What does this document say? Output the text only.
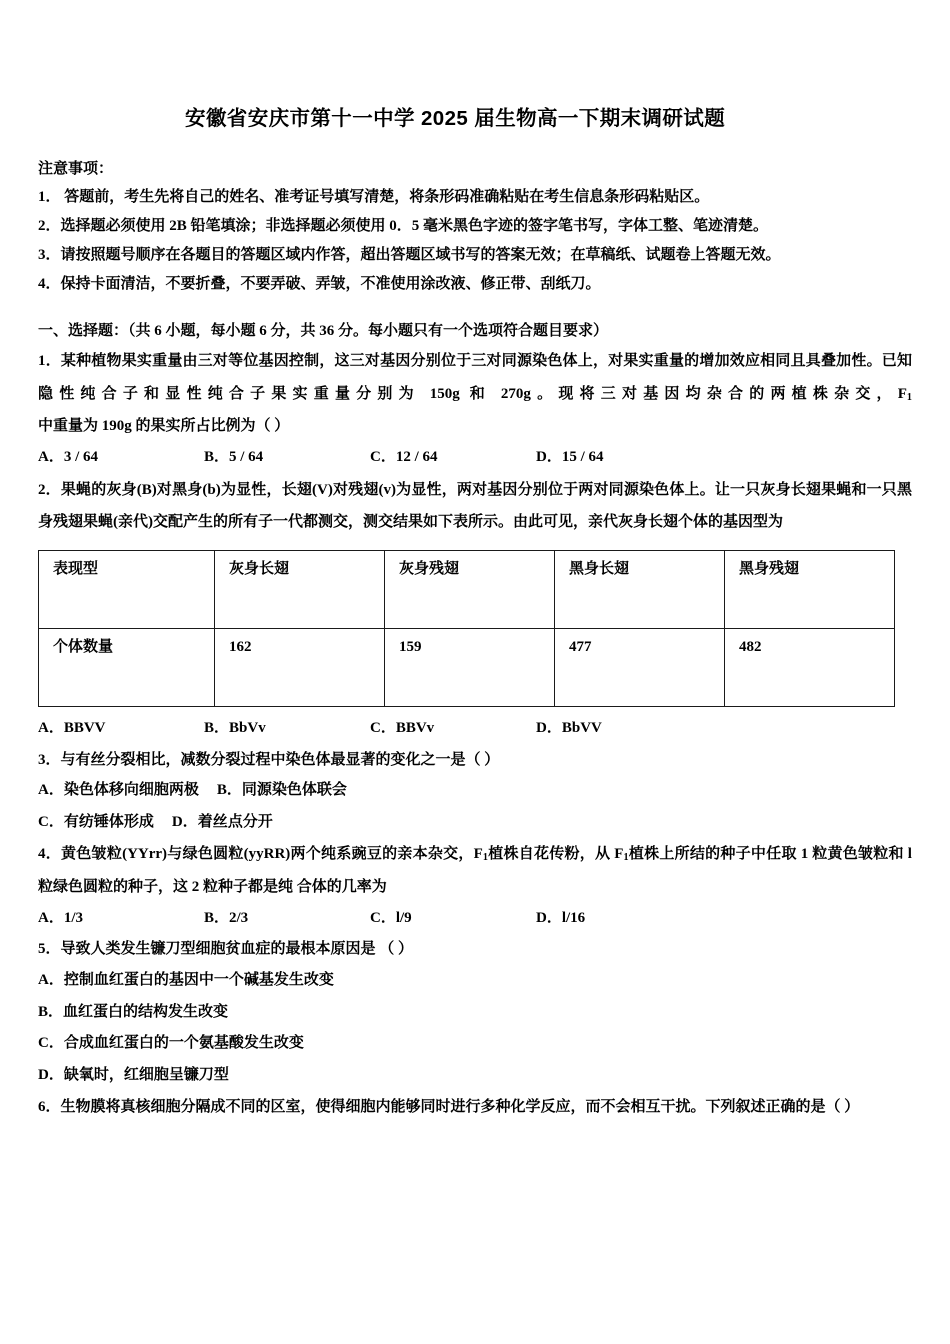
安徽省安庆市第十一中学 2025 届生物高一下期末调研试题

注意事项：

1． 答题前，考生先将自己的姓名、准考证号填写清楚，将条形码准确粘贴在考生信息条形码粘贴区。

2．选择题必须使用 2B 铅笔填涂；非选择题必须使用 0．5 毫米黑色字迹的签字笔书写，字体工整、笔迹清楚。

3．请按照题号顺序在各题目的答题区域内作答，超出答题区域书写的答案无效；在草稿纸、试题卷上答题无效。

4．保持卡面清洁，不要折叠，不要弄破、弄皱，不准使用涂改液、修正带、刮纸刀。

一、选择题：（共 6 小题，每小题 6 分，共 36 分。每小题只有一个选项符合题目要求）

1．某种植物果实重量由三对等位基因控制，这三对基因分别位于三对同源染色体上，对果实重量的增加效应相同且具叠加性。已知隐性纯合子和显性纯合子果实重量分别为 150g 和 270g。现将三对基因均杂合的两植株杂交，$F_1$中重量为 190g 的果实所占比例为（ ）

A．3 / 64	B．5 / 64	C．12 / 64	D．15 / 64

2．果蝇的灰身(B)对黑身(b)为显性，长翅(V)对残翅(v)为显性，两对基因分别位于两对同源染色体上。让一只灰身长翅果蝇和一只黑身残翅果蝇(亲代)交配产生的所有子一代都测交，测交结果如下表所示。由此可见，亲代灰身长翅个体的基因型为

表现型	灰身长翅	灰身残翅	黑身长翅	黑身残翅
个体数量	162	159	477	482

A．BBVV	B．BbVv	C．BBVv	D．BbVV

3．与有丝分裂相比，减数分裂过程中染色体最显著的变化之一是（ ）

A．染色体移向细胞两极 B．同源染色体联会

C．有纺锤体形成 D．着丝点分开

4．黄色皱粒(YYrr)与绿色圆粒(yyRR)两个纯系豌豆的亲本杂交，$F_1$植株自花传粉，从 $F_1$植株上所结的种子中任取 1 粒黄色皱粒和 l 粒绿色圆粒的种子，这 2 粒种子都是纯 合体的几率为

A．1/3	B．2/3	C．l/9	D．l/16

5．导致人类发生镰刀型细胞贫血症的最根本原因是 （ ）

A．控制血红蛋白的基因中一个碱基发生改变

B．血红蛋白的结构发生改变

C．合成血红蛋白的一个氨基酸发生改变

D．缺氧时，红细胞呈镰刀型

6．生物膜将真核细胞分隔成不同的区室，使得细胞内能够同时进行多种化学反应，而不会相互干扰。下列叙述正确的是（ ）
